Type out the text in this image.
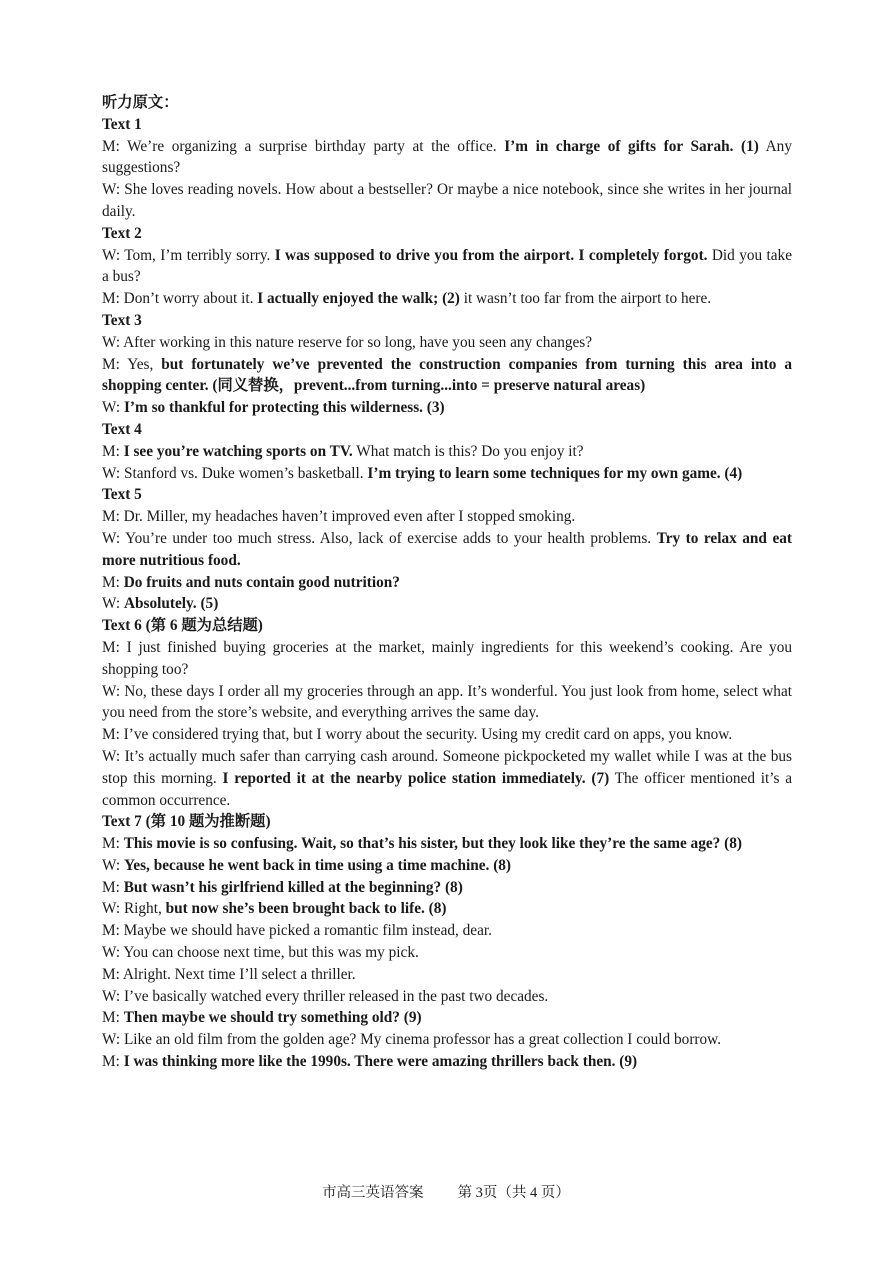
听力原文：

Text 1

M: We’re organizing a surprise birthday party at the office. I’m in charge of gifts for Sarah. (1) Any suggestions?

W: She loves reading novels. How about a bestseller? Or maybe a nice notebook, since she writes in her journal daily.

Text 2

W: Tom, I’m terribly sorry. I was supposed to drive you from the airport. I completely forgot. Did you take a bus?

M: Don’t worry about it. I actually enjoyed the walk; (2) it wasn’t too far from the airport to here.

Text 3

W: After working in this nature reserve for so long, have you seen any changes?

M: Yes, but fortunately we’ve prevented the construction companies from turning this area into a shopping center. (同义替换，prevent...from turning...into = preserve natural areas)

W: I’m so thankful for protecting this wilderness. (3)

Text 4

M: I see you’re watching sports on TV. What match is this? Do you enjoy it?

W: Stanford vs. Duke women’s basketball. I’m trying to learn some techniques for my own game. (4)

Text 5

M: Dr. Miller, my headaches haven’t improved even after I stopped smoking.

W: You’re under too much stress. Also, lack of exercise adds to your health problems. Try to relax and eat more nutritious food.

M: Do fruits and nuts contain good nutrition?

W: Absolutely. (5)

Text 6 (第 6 题为总结题)

M: I just finished buying groceries at the market, mainly ingredients for this weekend’s cooking. Are you shopping too?

W: No, these days I order all my groceries through an app. It’s wonderful. You just look from home, select what you need from the store’s website, and everything arrives the same day.

M: I’ve considered trying that, but I worry about the security. Using my credit card on apps, you know.

W: It’s actually much safer than carrying cash around. Someone pickpocketed my wallet while I was at the bus stop this morning. I reported it at the nearby police station immediately. (7) The officer mentioned it’s a common occurrence.

Text 7 (第 10 题为推断题)

M: This movie is so confusing. Wait, so that’s his sister, but they look like they’re the same age? (8)

W: Yes, because he went back in time using a time machine. (8)

M: But wasn’t his girlfriend killed at the beginning? (8)

W: Right, but now she’s been brought back to life. (8)

M: Maybe we should have picked a romantic film instead, dear.

W: You can choose next time, but this was my pick.

M: Alright. Next time I’ll select a thriller.

W: I’ve basically watched every thriller released in the past two decades.

M: Then maybe we should try something old? (9)

W: Like an old film from the golden age? My cinema professor has a great collection I could borrow.

M: I was thinking more like the 1990s. There were amazing thrillers back then. (9)

市高三英语答案 第 3页（共 4 页）
